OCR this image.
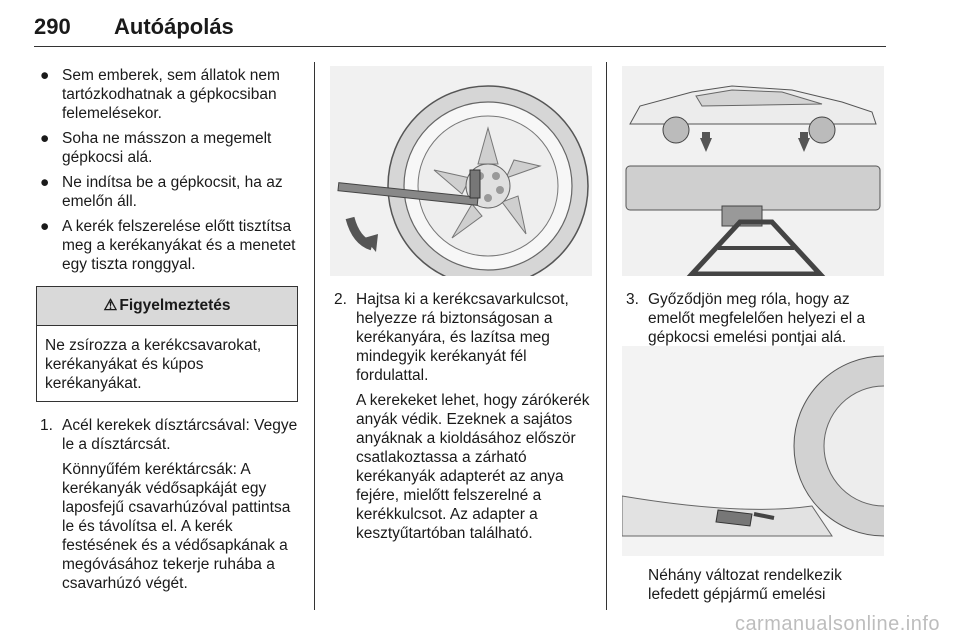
290 Autóápolás
● Sem emberek, sem állatok nem tartózkodhatnak a gépkocsiban felemelésekor.
● Soha ne másszon a megemelt gépkocsi alá.
● Ne indítsa be a gépkocsit, ha az emelőn áll.
● A kerék felszerelése előtt tisztítsa meg a kerékanyákat és a menetet egy tiszta ronggyal.
⚠ Figyelmeztetés
Ne zsírozza a kerékcsavarokat, kerékanyákat és kúpos kerékanyákat.
1. Acél kerekek dísztárcsával: Vegye le a dísztárcsát.

Könnyűfém keréktárcsák: A kerékanyák védősapkáját egy laposfejű csavarhúzóval pattintsa le és távolítsa el. A kerék festésének és a védősapkának a megóvásához tekerje ruhába a csavarhúzó végét.

2. Hajtsa ki a kerékcsavarkulcsot, helyezze rá biztonságosan a kerékanyára, és lazítsa meg mindegyik kerékanyát fél fordulattal.

A kerekeket lehet, hogy zárókerék anyák védik. Ezeknek a sajátos anyáknak a kioldásához először csatlakoztassa a zárható kerékanyák adapterét az anya fejére, mielőtt felszerelné a kerékkulcsot. Az adapter a kesztyűtartóban található.

3. Győződjön meg róla, hogy az emelőt megfelelően helyezi el a gépkocsi emelési pontjai alá.

Néhány változat rendelkezik lefedett gépjármű emelési
carmanualsonline.info
